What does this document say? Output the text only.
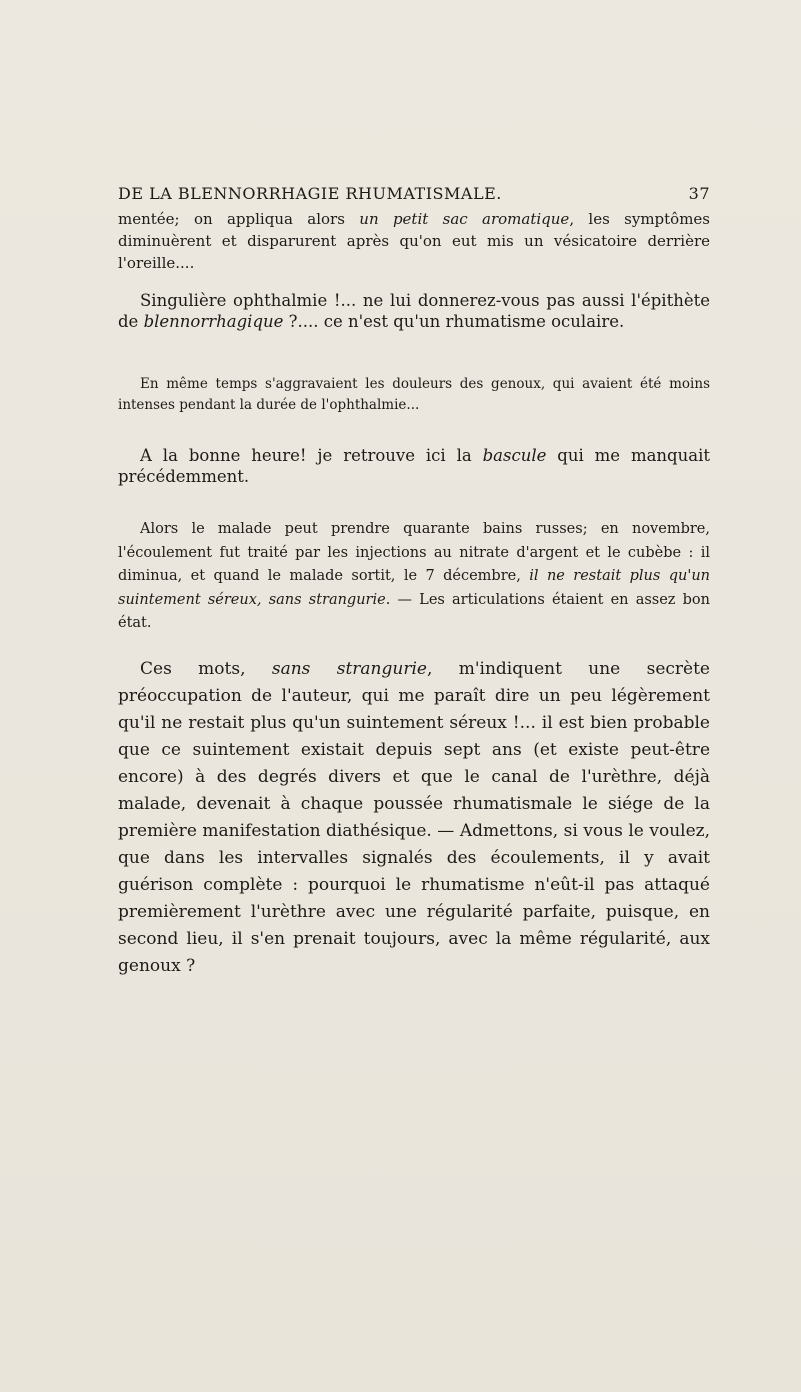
DE LA BLENNORRHAGIE RHUMATISMALE.	37

mentée; on appliqua alors un petit sac aromatique, les symptômes diminuèrent et disparurent après qu'on eut mis un vésicatoire derrière l'oreille....

Singulière ophthalmie !... ne lui donnerez-vous pas aussi l'épithète de blennorrhagique ?.... ce n'est qu'un rhumatisme oculaire.

En même temps s'aggravaient les douleurs des genoux, qui avaient été moins intenses pendant la durée de l'ophthalmie...

A la bonne heure! je retrouve ici la bascule qui me manquait précédemment.

Alors le malade peut prendre quarante bains russes; en novembre, l'écoulement fut traité par les injections au nitrate d'argent et le cubèbe : il diminua, et quand le malade sortit, le 7 décembre, il ne restait plus qu'un suintement séreux, sans strangurie. — Les articulations étaient en assez bon état.

Ces mots, sans strangurie, m'indiquent une secrète préoccupation de l'auteur, qui me paraît dire un peu légèrement qu'il ne restait plus qu'un suintement séreux !... il est bien probable que ce suintement existait depuis sept ans (et existe peut-être encore) à des degrés divers et que le canal de l'urèthre, déjà malade, devenait à chaque poussée rhumatismale le siége de la première manifestation diathésique. — Admettons, si vous le voulez, que dans les intervalles signalés des écoulements, il y avait guérison complète : pourquoi le rhumatisme n'eût-il pas attaqué premièrement l'urèthre avec une régularité parfaite, puisque, en second lieu, il s'en prenait toujours, avec la même régularité, aux genoux ?
